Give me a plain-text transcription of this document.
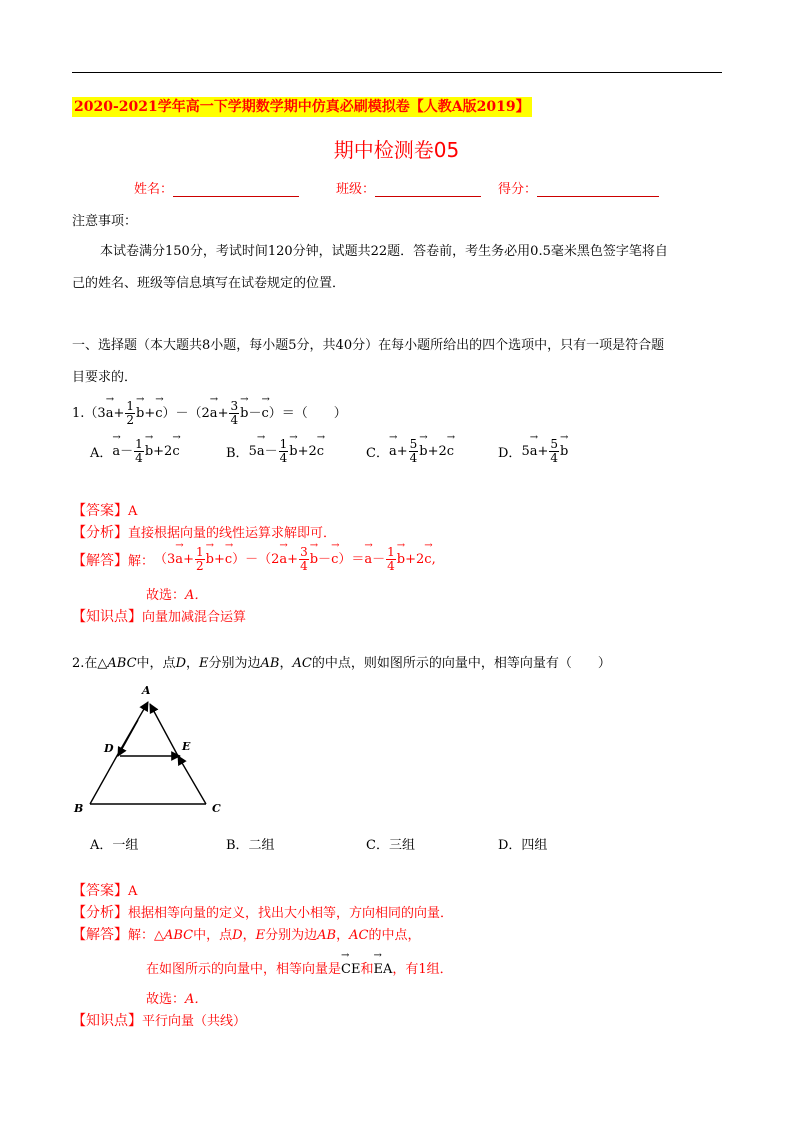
2020-2021学年高一下学期数学期中仿真必刷模拟卷【人教A版2019】
期中检测卷05
姓名：	班级：	得分：
注意事项：
本试卷满分150分，考试时间120分钟，试题共22题．答卷前，考生务必用0.5毫米黑色签字笔将自
己的姓名、班级等信息填写在试卷规定的位置．
一、选择题（本大题共8小题，每小题5分，共40分）在每小题所给出的四个选项中，只有一项是符合题
目要求的．
1. （$3\to a+ \frac{1}{2}$
→ $b+\to c)-(2\to a+ \frac{3}{4}$
→ b－→ c）＝（　　）
A．
→ $a- \frac{1}{4}$
→ b+2→ c	B． $5\to a- \frac{1}{4}$
→ b+2→ c	C．
→ $a+ \frac{5}{4}$
→ b+2→ c	D． $5\to a+ \frac{5}{4}$
→ b
【答案】A
【分析】直接根据向量的线性运算求解即可．
【解答】 解： （$3\to a+ \frac{1}{2}$
→ $b+\to c)-(2\to a+ \frac{3}{4}$
→ $b-\to c)=\to a- \frac{1}{4}$
→ b+2→ c,
故选：A．
【知识点】向量加减混合运算
2.在△ABC中，点D，E分别为边AB，AC的中点，则如图所示的向量中，相等向量有（　　）
A
B	C
D	E
A．一组	B．二组	C．三组	D．四组
【答案】A
【分析】根据相等向量的定义，找出大小相等，方向相同的向量．
【解答】解：△ABC中，点D，E分别为边AB，AC的中点，
在如图所示的向量中，相等向量是→ CE和→ EA，有1组．
故选：A．
【知识点】平行向量（共线）
